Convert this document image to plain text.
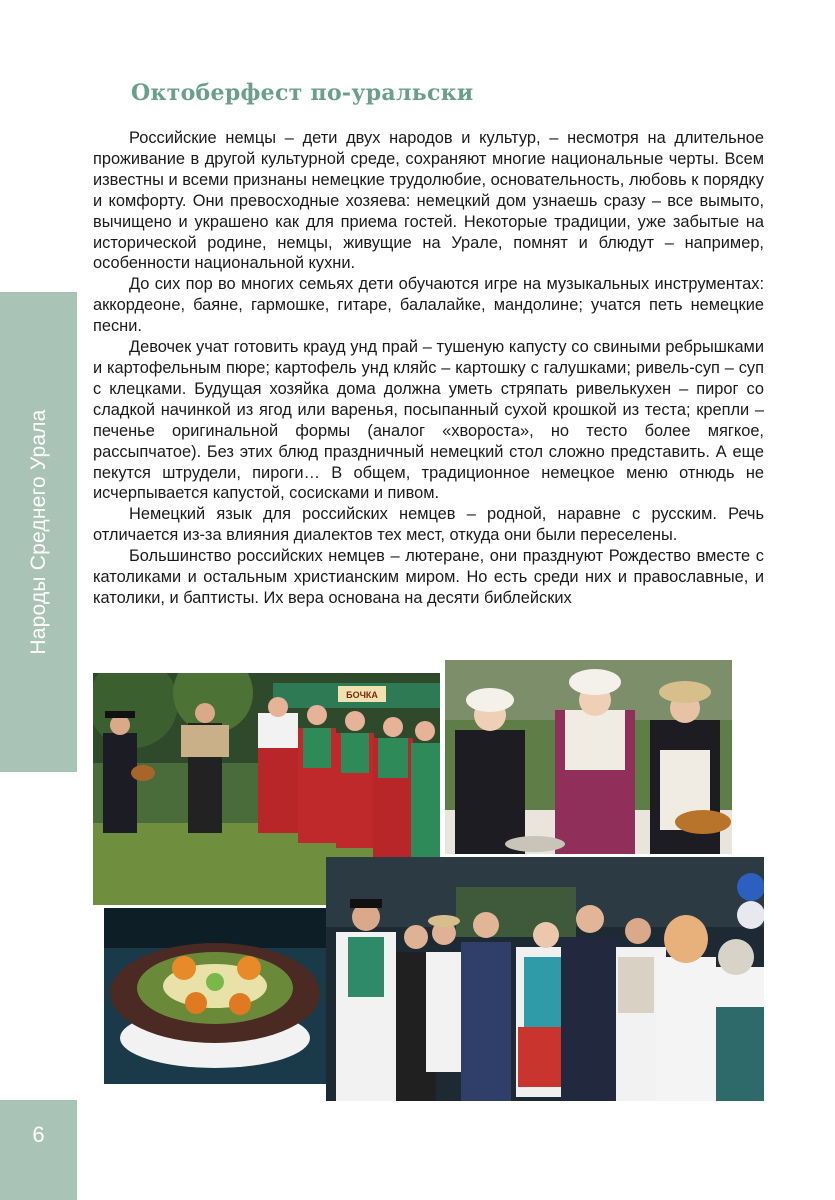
Народы Среднего Урала
Октоберфест по-уральски

Российские немцы – дети двух народов и культур, – несмотря на длительное проживание в другой культурной среде, сохраняют многие национальные черты. Всем известны и всеми признаны немецкие трудолюбие, основательность, любовь к порядку и комфорту. Они превосходные хозяева: немецкий дом узнаешь сразу – все вымыто, вычищено и украшено как для приема гостей. Некоторые традиции, уже забытые на исторической родине, немцы, живущие на Урале, помнят и блюдут – например, особенности национальной кухни.

До сих пор во многих семьях дети обучаются игре на музыкальных инструментах: аккордеоне, баяне, гармошке, гитаре, балалайке, мандолине; учатся петь немецкие песни.

Девочек учат готовить крауд унд прай – тушеную капусту со свиными ребрышками и картофельным пюре; картофель унд кляйс – картошку с галушками; ривель-суп – суп с клецками. Будущая хозяйка дома должна уметь стряпать ривелькухен – пирог со сладкой начинкой из ягод или варенья, посыпанный сухой крошкой из теста; крепли – печенье оригинальной формы (аналог «хвороста», но тесто более мягкое, рассыпчатое). Без этих блюд праздничный немецкий стол сложно представить. А еще пекутся штрудели, пироги… В общем, традиционное немецкое меню отнюдь не исчерпывается капустой, сосисками и пивом.

Немецкий язык для российских немцев – родной, наравне с русским. Речь отличается из-за влияния диалектов тех мест, откуда они были переселены.

Большинство российских немцев – лютеране, они празднуют Рождество вместе с католиками и остальным христианским миром. Но есть среди них и православные, и католики, и баптисты. Их вера основана на десяти библейских

БОЧКА
6
